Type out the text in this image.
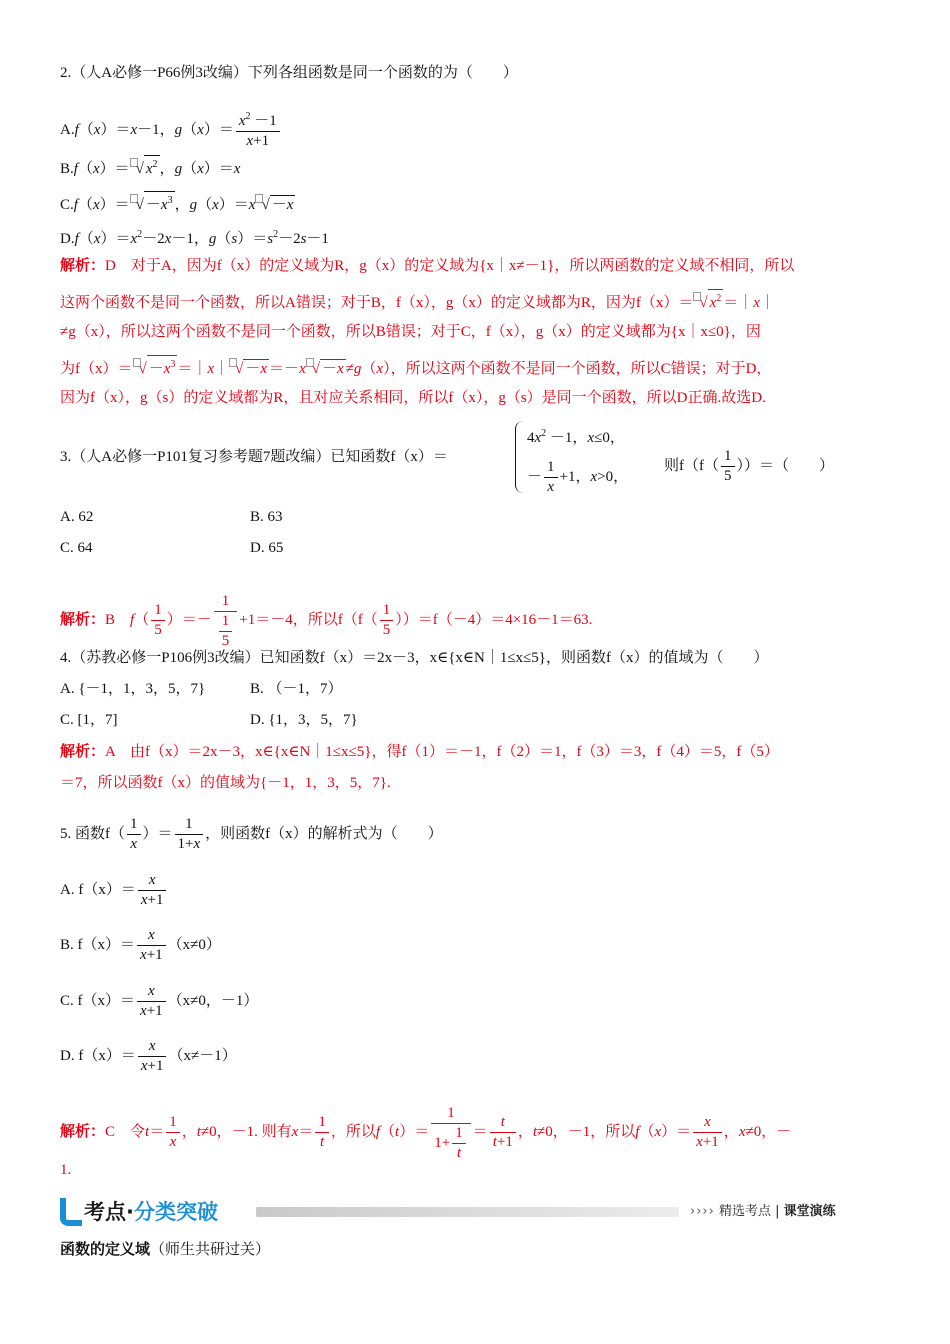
2.（人A必修一P66例3改编）下列各组函数是同一个函数的为（　　）
A.f（x）＝x－1，$g(x)= \frac{x^2 -1}{x+1}$
B.f（x）＝ √ $x^2$ ，g（x）＝x
C.f（x）＝ √ $-x^3$ ，g（x）＝x √ －x
$D.f(x)=x^2-2x-1$，$g(s)=s^2-2s-1$
解析：D　 对于A，因为f（x）的定义域为R，g（x）的定义域为{x｜x≠－1}，所以两函数的定义域不相同，所以
这两个函数不是同一个函数，所以A错误；对于B，f（x），g（x）的定义域都为R，因为f（x）＝ √ $x^2$ ＝｜x｜
≠g（x），所以这两个函数不是同一个函数，所以B错误；对于C，f（x），g（x）的定义域都为{x｜x≤0}，因
为f（x）＝ √ $-x^3$ ＝｜x｜ √ －x ＝－x √ －x ≠g（x），所以这两个函数不是同一个函数，所以C错误；对于D，
因为f（x），g（s）的定义域都为R，且对应关系相同，所以f（x），g（s）是同一个函数，所以D正确.故选D.
3.（人A必修一P101复习参考题7题改编）已知函数f（x）＝
$4x^2 -1$，x≤0，
－ $\frac{1}{x} +1$，x>0，
则$f(f( \frac{1}{5}$ ））＝（　　）
A. 62	B. 63
C. 64	D. 65
解析：B　 $f( \frac{1}{5}$ ）＝－ $\frac{1}{\frac{1}{5}} +1=-4$，所以$f(f( \frac{1}{5} ))=f(-4)=4\times 16-1=63$.
4.（苏教必修一P106例3改编）已知函数f（x）＝2x－3，x∈{x∈N｜1≤x≤5}，则函数f（x）的值域为（　　）
A. {－1，1，3，5，7}	B. （－1，7）
C. [1，7]	D. {1，3，5，7}
解析：A　 由f（x）＝2x－3，x∈{x∈N｜1≤x≤5}，得f（1）＝－1，f（2）＝1，f（3）＝3，f（4）＝5，f（5）
＝7，所以函数f（x）的值域为{－1，1，3，5，7}.
5. 函数$f( \frac{1}{x}$ ）＝ $\frac{1}{1+x}$ ，则函数f（x）的解析式为（　　）
A. $f(x)= \frac{x}{x+1}$
B. $f(x)= \frac{x}{x+1} (x\ne 0)$
C. $f(x)= \frac{x}{x+1} (x\ne 0$，－1）
D. $f(x)= \frac{x}{x+1} (x\ne-1)$
解析：C　令$t= \frac{1}{x}$ ，t≠0，－1. 则有$x= \frac{1}{t}$ ，所以$f(t)= \frac{1}{1+ \frac{1}{t}} = \frac{t}{t+1}$ ，t≠0，－1，所以$f(x)= \frac{x}{x+1}$ ，x≠0，－
1.
考点·分类突破	›››› 精选考点 | 课堂演练
函数的定义域（师生共研过关）
